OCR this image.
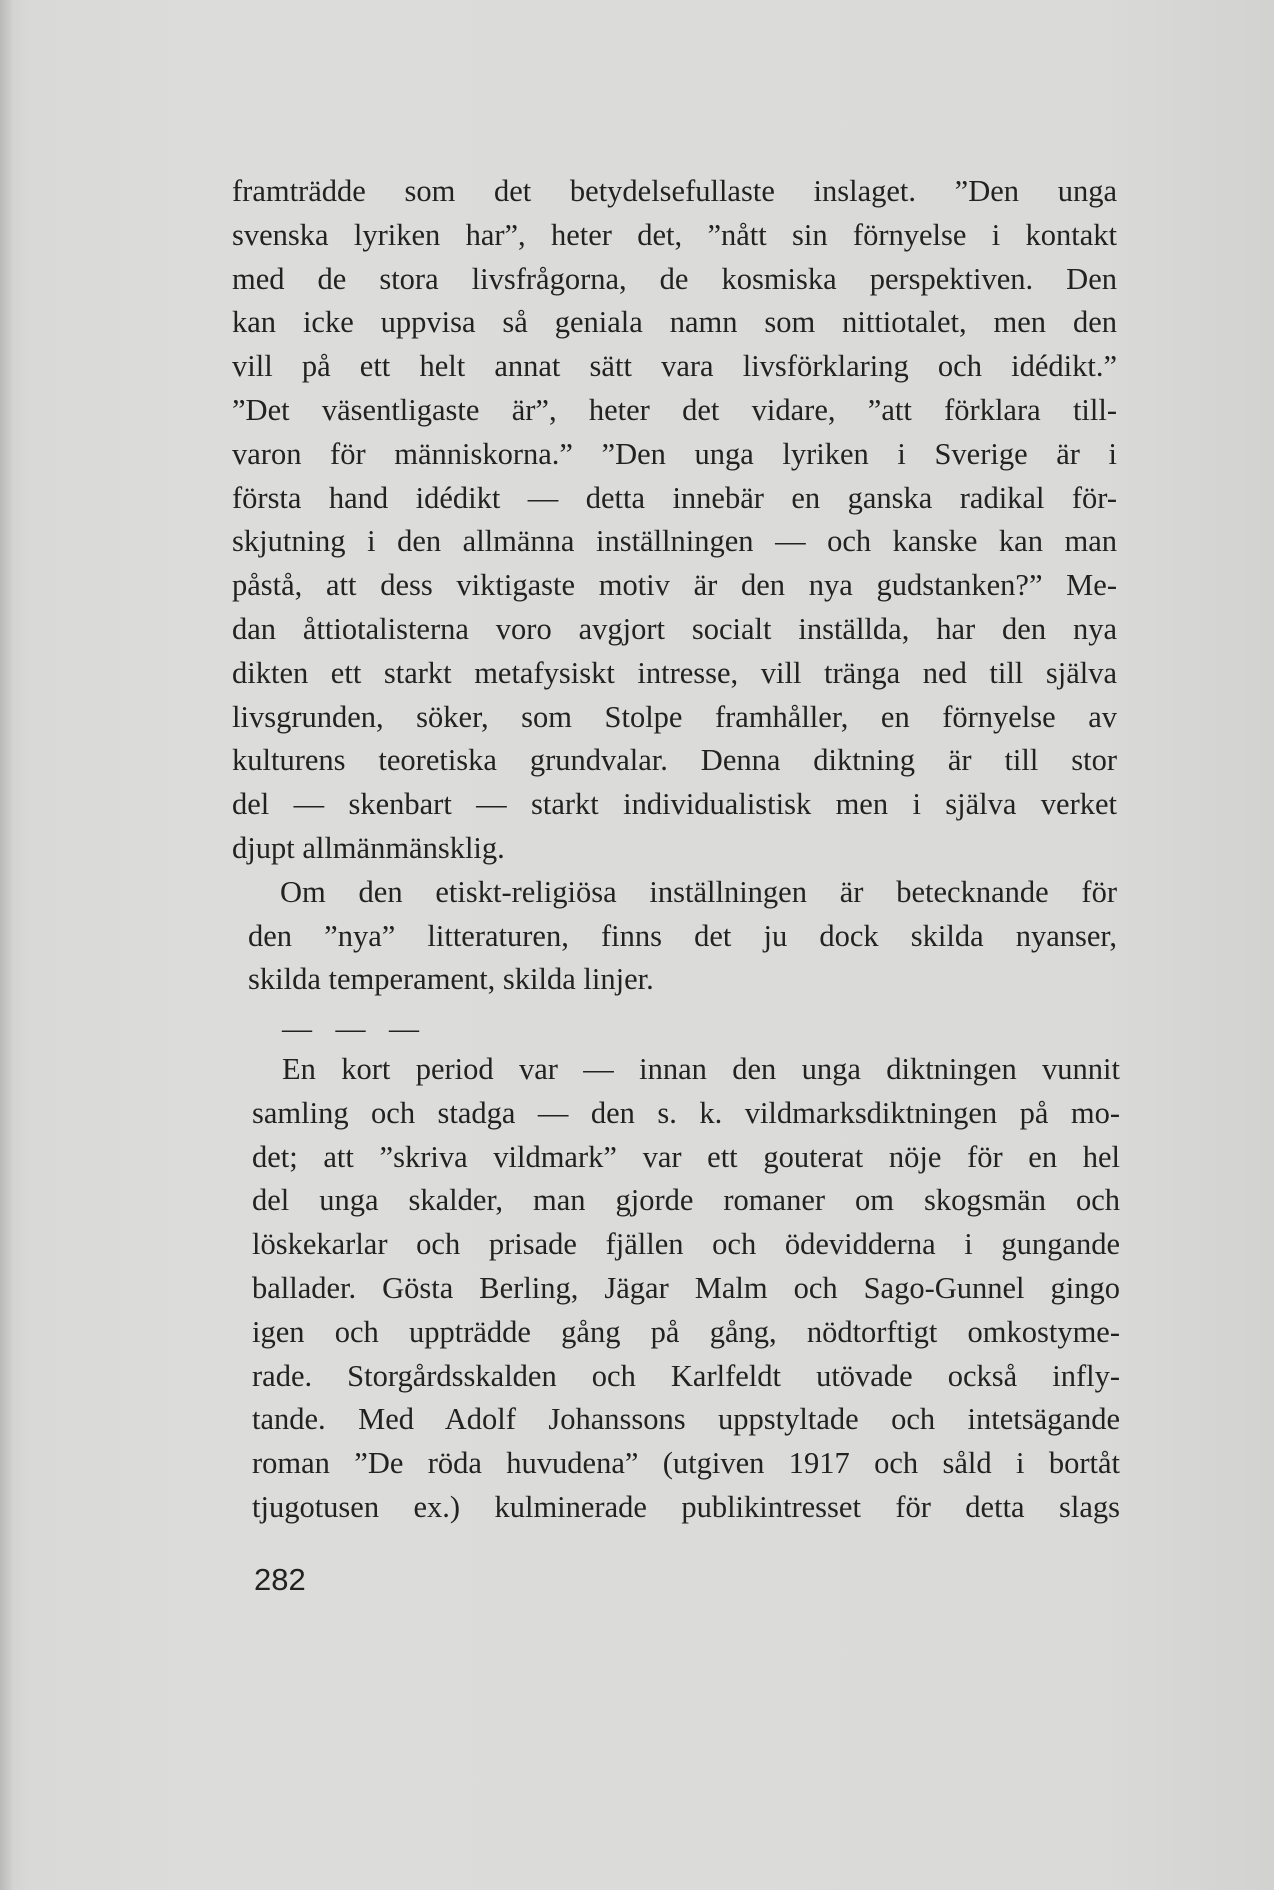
framträdde som det betydelsefullaste inslaget. ”Den unga
svenska lyriken har”, heter det, ”nått sin förnyelse i kontakt
med de stora livsfrågorna, de kosmiska perspektiven. Den
kan icke uppvisa så geniala namn som nittiotalet, men den
vill på ett helt annat sätt vara livsförklaring och idédikt.”
”Det väsentligaste är”, heter det vidare, ”att förklara till-
varon för människorna.” ”Den unga lyriken i Sverige är i
första hand idédikt — detta innebär en ganska radikal för-
skjutning i den allmänna inställningen — och kanske kan man
påstå, att dess viktigaste motiv är den nya gudstanken?” Me-
dan åttiotalisterna voro avgjort socialt inställda, har den nya
dikten ett starkt metafysiskt intresse, vill tränga ned till själva
livsgrunden, söker, som Stolpe framhåller, en förnyelse av
kulturens teoretiska grundvalar. Denna diktning är till stor
del — skenbart — starkt individualistisk men i själva verket
djupt allmänmänsklig.
Om den etiskt-religiösa inställningen är betecknande för
den ”nya” litteraturen, finns det ju dock skilda nyanser,
skilda temperament, skilda linjer.
— — —
En kort period var — innan den unga diktningen vunnit
samling och stadga — den s. k. vildmarksdiktningen på mo-
det; att ”skriva vildmark” var ett gouterat nöje för en hel
del unga skalder, man gjorde romaner om skogsmän och
löskekarlar och prisade fjällen och ödevidderna i gungande
ballader. Gösta Berling, Jägar Malm och Sago-Gunnel gingo
igen och uppträdde gång på gång, nödtorftigt omkostyme-
rade. Storgårdsskalden och Karlfeldt utövade också infly-
tande. Med Adolf Johanssons uppstyltade och intetsägande
roman ”De röda huvudena” (utgiven 1917 och såld i bortåt
tjugotusen ex.) kulminerade publikintresset för detta slags
282
